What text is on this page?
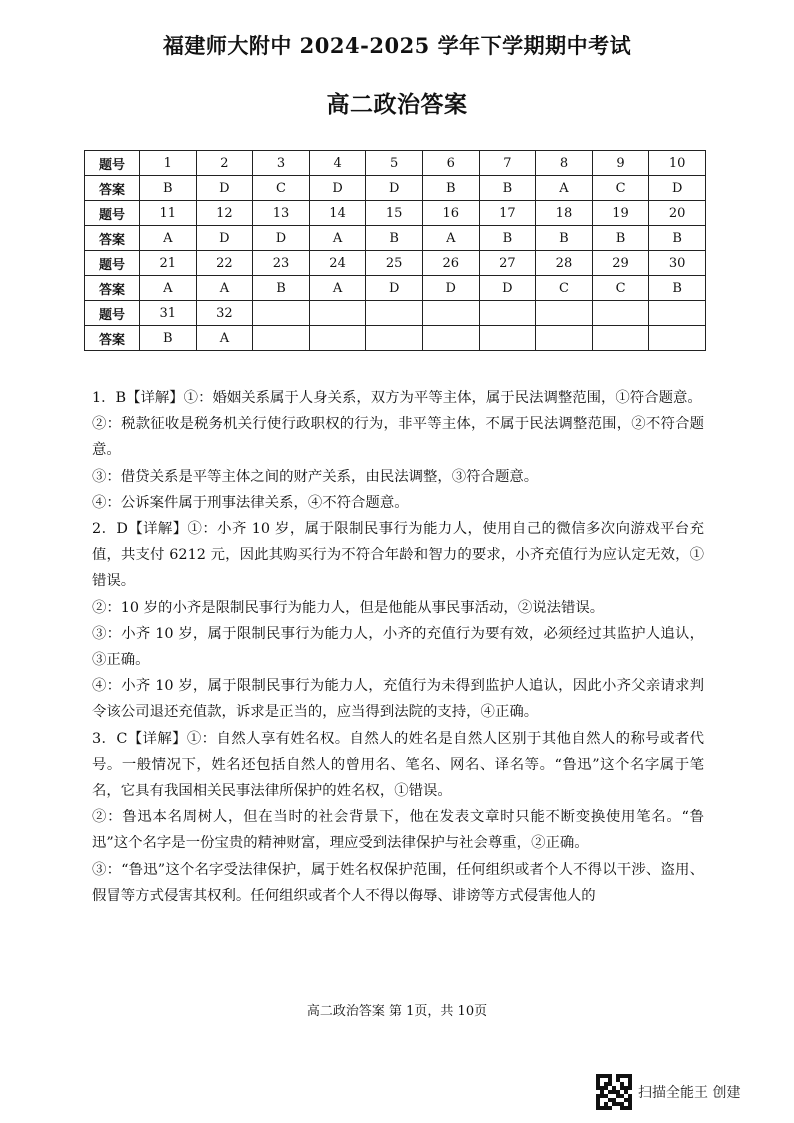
福建师大附中 2024-2025 学年下学期期中考试
高二政治答案
题号	1	2	3	4	5	6	7	8	9	10
答案	B	D	C	D	D	B	B	A	C	D
题号	11	12	13	14	15	16	17	18	19	20
答案	A	D	D	A	B	A	B	B	B	B
题号	21	22	23	24	25	26	27	28	29	30
答案	A	A	B	A	D	D	D	C	C	B
题号	31	32								
答案	B	A								

1．B【详解】①：婚姻关系属于人身关系，双方为平等主体，属于民法调整范围，①符合题意。

②：税款征收是税务机关行使行政职权的行为，非平等主体，不属于民法调整范围，②不符合题意。

③：借贷关系是平等主体之间的财产关系，由民法调整，③符合题意。

④：公诉案件属于刑事法律关系，④不符合题意。

2．D【详解】①：小齐 10 岁，属于限制民事行为能力人，使用自己的微信多次向游戏平台充值，共支付 6212 元，因此其购买行为不符合年龄和智力的要求，小齐充值行为应认定无效，①错误。

②：10 岁的小齐是限制民事行为能力人，但是他能从事民事活动，②说法错误。

③：小齐 10 岁，属于限制民事行为能力人，小齐的充值行为要有效，必须经过其监护人追认，③正确。

④：小齐 10 岁，属于限制民事行为能力人，充值行为未得到监护人追认，因此小齐父亲请求判令该公司退还充值款，诉求是正当的，应当得到法院的支持，④正确。

3．C【详解】①：自然人享有姓名权。自然人的姓名是自然人区别于其他自然人的称号或者代号。一般情况下，姓名还包括自然人的曾用名、笔名、网名、译名等。“鲁迅”这个名字属于笔名，它具有我国相关民事法律所保护的姓名权，①错误。

②：鲁迅本名周树人，但在当时的社会背景下，他在发表文章时只能不断变换使用笔名。“鲁迅”这个名字是一份宝贵的精神财富，理应受到法律保护与社会尊重，②正确。

③：“鲁迅”这个名字受法律保护，属于姓名权保护范围，任何组织或者个人不得以干涉、盗用、假冒等方式侵害其权利。任何组织或者个人不得以侮辱、诽谤等方式侵害他人的

高二政治答案 第 1页，共 10页
扫描全能王 创建
